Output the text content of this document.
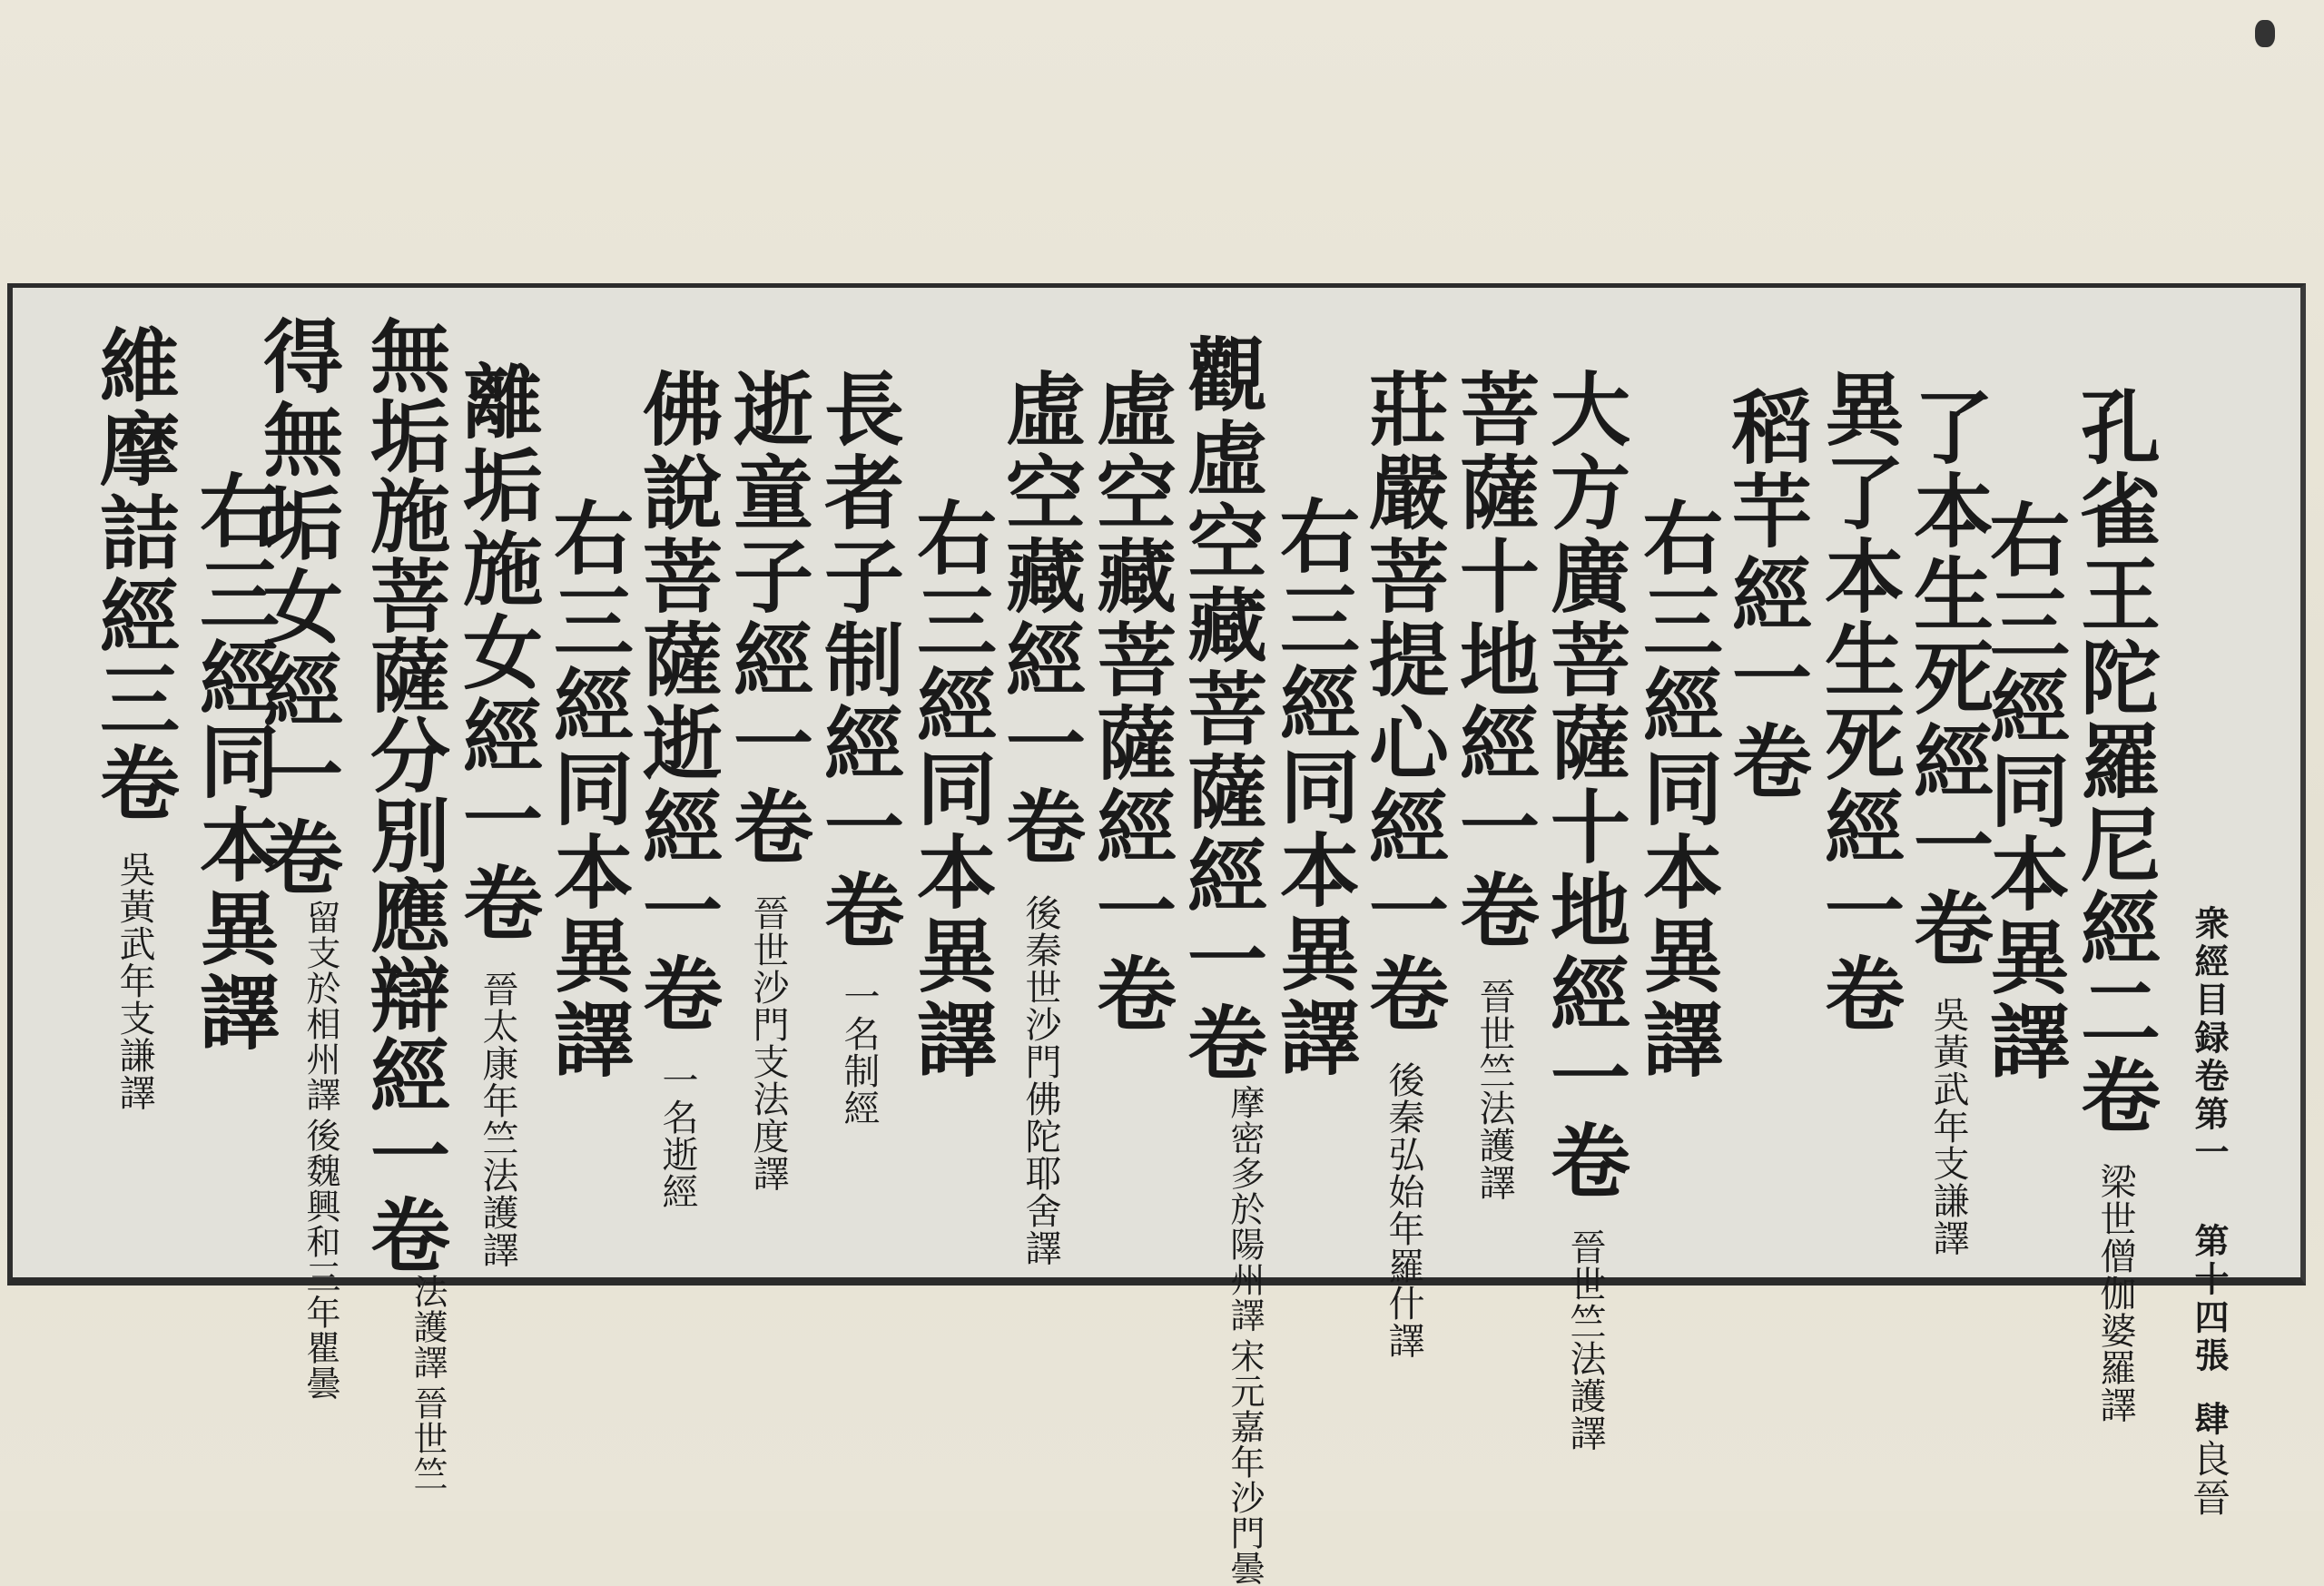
衆經目録卷第一第十四張肆良晉
孔雀王陀羅尼經二卷梁世僧伽婆羅譯
右三經同本異譯
了本生死經一卷吳黃武年支謙譯
異了本生死經一卷
稻芉經一卷
右三經同本異譯
大方廣菩薩十地經一卷晉世竺法護譯
菩薩十地經一卷晉世竺法護譯
莊嚴菩提心經一卷後秦弘始年羅什譯
右三經同本異譯
觀虛空藏菩薩經一卷
宋元嘉年沙門曇
摩密多於陽州譯
虛空藏菩薩經一卷
虛空藏經一卷後秦世沙門佛陀耶舍譯
右三經同本異譯
長者子制經一卷一名制經
逝童子經一卷晉世沙門支法度譯
佛說菩薩逝經一卷一名逝經
右三經同本異譯
離垢施女經一卷晉太康年竺法護譯
無垢施菩薩分別應辯經一卷
晉世竺
法護譯
得無垢女經一卷
後魏興和三年瞿曇
留支於相州譯
右三經同本異譯
維摩詰經三卷吳黃武年支謙譯
